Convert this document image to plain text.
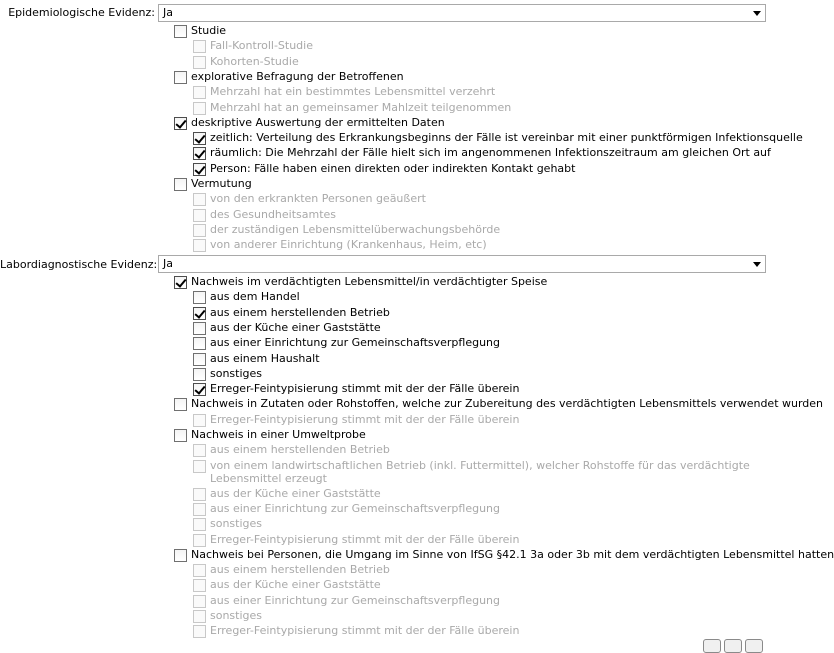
Epidemiologische Evidenz: Ja
Studie
Fall-Kontroll-Studie
Kohorten-Studie
explorative Befragung der Betroffenen
Mehrzahl hat ein bestimmtes Lebensmittel verzehrt
Mehrzahl hat an gemeinsamer Mahlzeit teilgenommen
deskriptive Auswertung der ermittelten Daten
zeitlich: Verteilung des Erkrankungsbeginns der Fälle ist vereinbar mit einer punktförmigen Infektionsquelle
räumlich: Die Mehrzahl der Fälle hielt sich im angenommenen Infektionszeitraum am gleichen Ort auf
Person: Fälle haben einen direkten oder indirekten Kontakt gehabt
Vermutung
von den erkrankten Personen geäußert
des Gesundheitsamtes
der zuständigen Lebensmittelüberwachungsbehörde
von anderer Einrichtung (Krankenhaus, Heim, etc)
Labordiagnostische Evidenz: Ja
Nachweis im verdächtigten Lebensmittel/in verdächtigter Speise
aus dem Handel
aus einem herstellenden Betrieb
aus der Küche einer Gaststätte
aus einer Einrichtung zur Gemeinschaftsverpflegung
aus einem Haushalt
sonstiges
Erreger-Feintypisierung stimmt mit der der Fälle überein
Nachweis in Zutaten oder Rohstoffen, welche zur Zubereitung des verdächtigten Lebensmittels verwendet wurden
Erreger-Feintypisierung stimmt mit der der Fälle überein
Nachweis in einer Umweltprobe
aus einem herstellenden Betrieb
von einem landwirtschaftlichen Betrieb (inkl. Futtermittel), welcher Rohstoffe für das verdächtigte Lebensmittel erzeugt
aus der Küche einer Gaststätte
aus einer Einrichtung zur Gemeinschaftsverpflegung
sonstiges
Erreger-Feintypisierung stimmt mit der der Fälle überein
Nachweis bei Personen, die Umgang im Sinne von IfSG §42.1 3a oder 3b mit dem verdächtigten Lebensmittel hatten
aus einem herstellenden Betrieb
aus der Küche einer Gaststätte
aus einer Einrichtung zur Gemeinschaftsverpflegung
sonstiges
Erreger-Feintypisierung stimmt mit der der Fälle überein
